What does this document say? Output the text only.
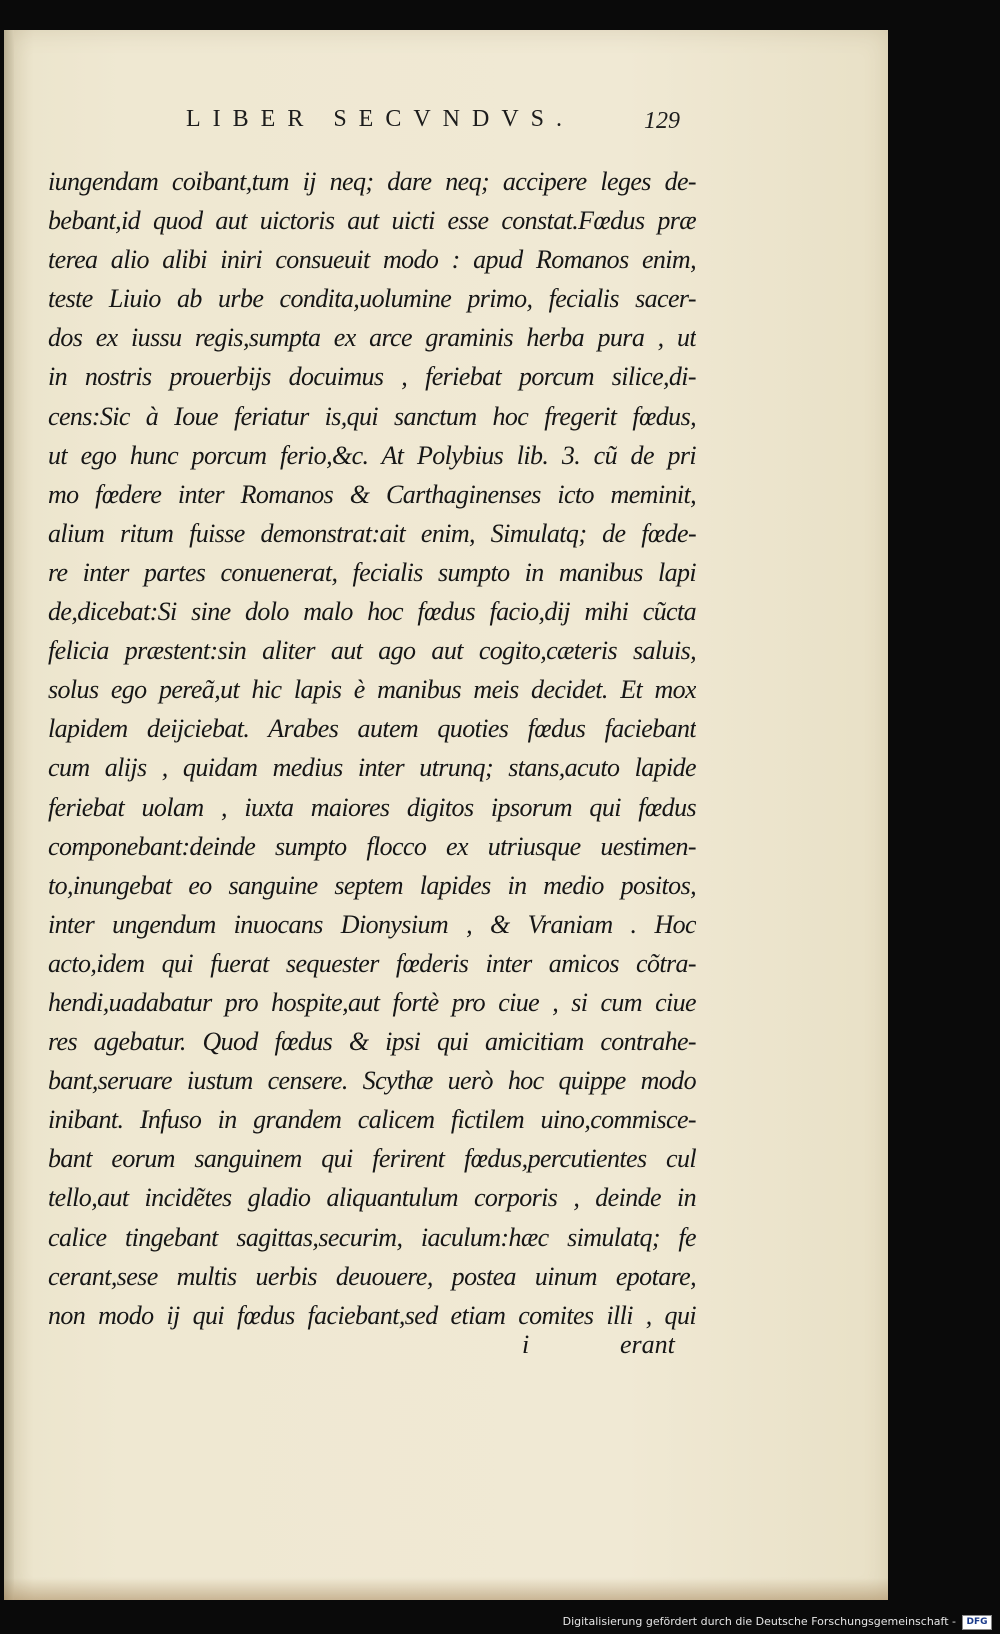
LIBER SECVNDVS.	129
iungendam coibant,tum ij neq; dare neq; accipere leges de-
bebant,id quod aut uictoris aut uicti esse constat.Fœdus præ
terea alio alibi iniri consueuit modo : apud Romanos enim,
teste Liuio ab urbe condita,uolumine primo, fecialis sacer-
dos ex iussu regis,sumpta ex arce graminis herba pura , ut
in nostris prouerbijs docuimus , feriebat porcum silice,di-
cens:Sic à Ioue feriatur is,qui sanctum hoc fregerit fœdus,
ut ego hunc porcum ferio,&c. At Polybius lib. 3. cũ de pri
mo fœdere inter Romanos & Carthaginenses icto meminit,
alium ritum fuisse demonstrat:ait enim, Simulatq; de fœde-
re inter partes conuenerat, fecialis sumpto in manibus lapi
de,dicebat:Si sine dolo malo hoc fœdus facio,dij mihi cũcta
felicia præstent:sin aliter aut ago aut cogito,cæteris saluis,
solus ego pereã,ut hic lapis è manibus meis decidet. Et mox
lapidem deijciebat. Arabes autem quoties fœdus faciebant
cum alijs , quidam medius inter utrunq; stans,acuto lapide
feriebat uolam , iuxta maiores digitos ipsorum qui fœdus
componebant:deinde sumpto flocco ex utriusque uestimen-
to,inungebat eo sanguine septem lapides in medio positos,
inter ungendum inuocans Dionysium , & Vraniam . Hoc
acto,idem qui fuerat sequester fœderis inter amicos cõtra-
hendi,uadabatur pro hospite,aut fortè pro ciue , si cum ciue
res agebatur. Quod fœdus & ipsi qui amicitiam contrahe-
bant,seruare iustum censere. Scythæ uerò hoc quippe modo
inibant. Infuso in grandem calicem fictilem uino,commisce-
bant eorum sanguinem qui ferirent fœdus,percutientes cul
tello,aut incidẽtes gladio aliquantulum corporis , deinde in
calice tingebant sagittas,securim, iaculum:hæc simulatq; fe
cerant,sese multis uerbis deuouere, postea uinum epotare,
non modo ij qui fœdus faciebant,sed etiam comites illi , qui
i	erant
Digitalisierung gefördert durch die Deutsche Forschungsgemeinschaft -	DFG
